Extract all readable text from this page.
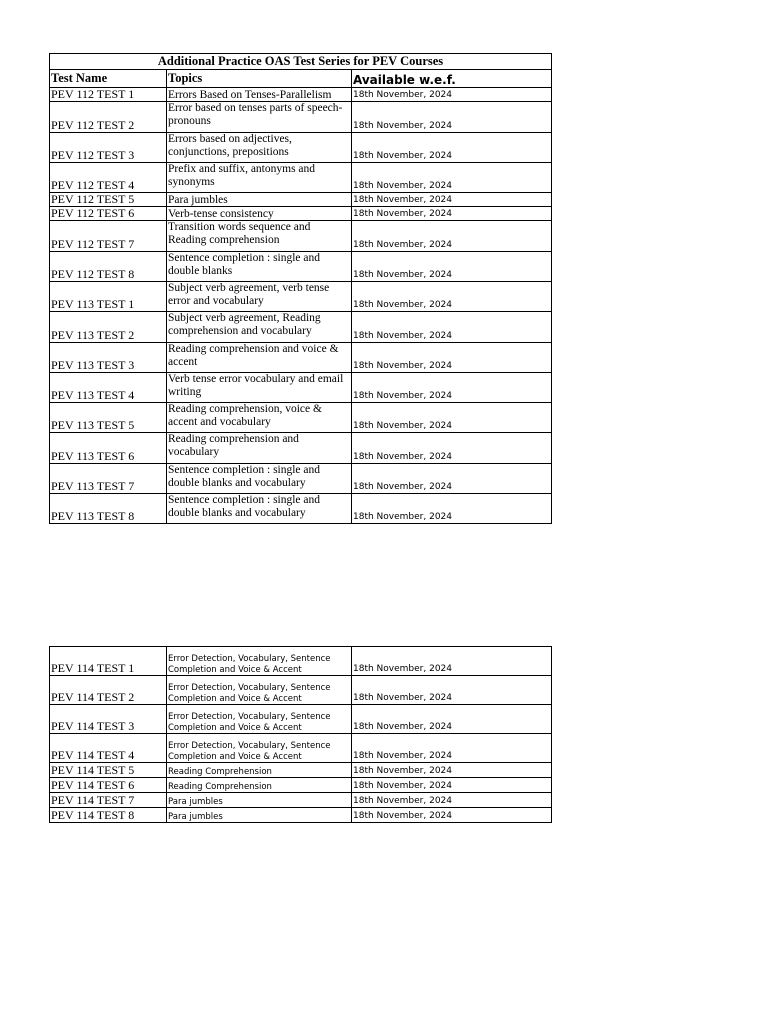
Additional Practice OAS Test Series for PEV Courses		
Test Name	Topics	Available w.e.f.
PEV 112 TEST 1	Errors Based on Tenses-Parallelism	18th November, 2024
PEV 112 TEST 2	Error based on tenses parts of speech-pronouns	18th November, 2024
PEV 112 TEST 3	Errors based on adjectives, conjunctions, prepositions	18th November, 2024
PEV 112 TEST 4	Prefix and suffix, antonyms and synonyms	18th November, 2024
PEV 112 TEST 5	Para jumbles	18th November, 2024
PEV 112 TEST 6	Verb-tense consistency	18th November, 2024
PEV 112 TEST 7	Transition words sequence and Reading comprehension	18th November, 2024
PEV 112 TEST 8	Sentence completion : single and double blanks	18th November, 2024
PEV 113 TEST 1	Subject verb agreement, verb tense error and vocabulary	18th November, 2024
PEV 113 TEST 2	Subject verb agreement, Reading comprehension and vocabulary	18th November, 2024
PEV 113 TEST 3	Reading comprehension and voice & accent	18th November, 2024
PEV 113 TEST 4	Verb tense error vocabulary and email writing	18th November, 2024
PEV 113 TEST 5	Reading comprehension, voice & accent and vocabulary	18th November, 2024
PEV 113 TEST 6	Reading comprehension and vocabulary	18th November, 2024
PEV 113 TEST 7	Sentence completion : single and double blanks and vocabulary	18th November, 2024
PEV 113 TEST 8	Sentence completion : single and double blanks and vocabulary	18th November, 2024
PEV 114 TEST 1	Error Detection, Vocabulary, Sentence Completion and Voice & Accent	18th November, 2024
PEV 114 TEST 2	Error Detection, Vocabulary, Sentence Completion and Voice & Accent	18th November, 2024
PEV 114 TEST 3	Error Detection, Vocabulary, Sentence Completion and Voice & Accent	18th November, 2024
PEV 114 TEST 4	Error Detection, Vocabulary, Sentence Completion and Voice & Accent	18th November, 2024
PEV 114 TEST 5	Reading Comprehension	18th November, 2024
PEV 114 TEST 6	Reading Comprehension	18th November, 2024
PEV 114 TEST 7	Para jumbles	18th November, 2024
PEV 114 TEST 8	Para jumbles	18th November, 2024
